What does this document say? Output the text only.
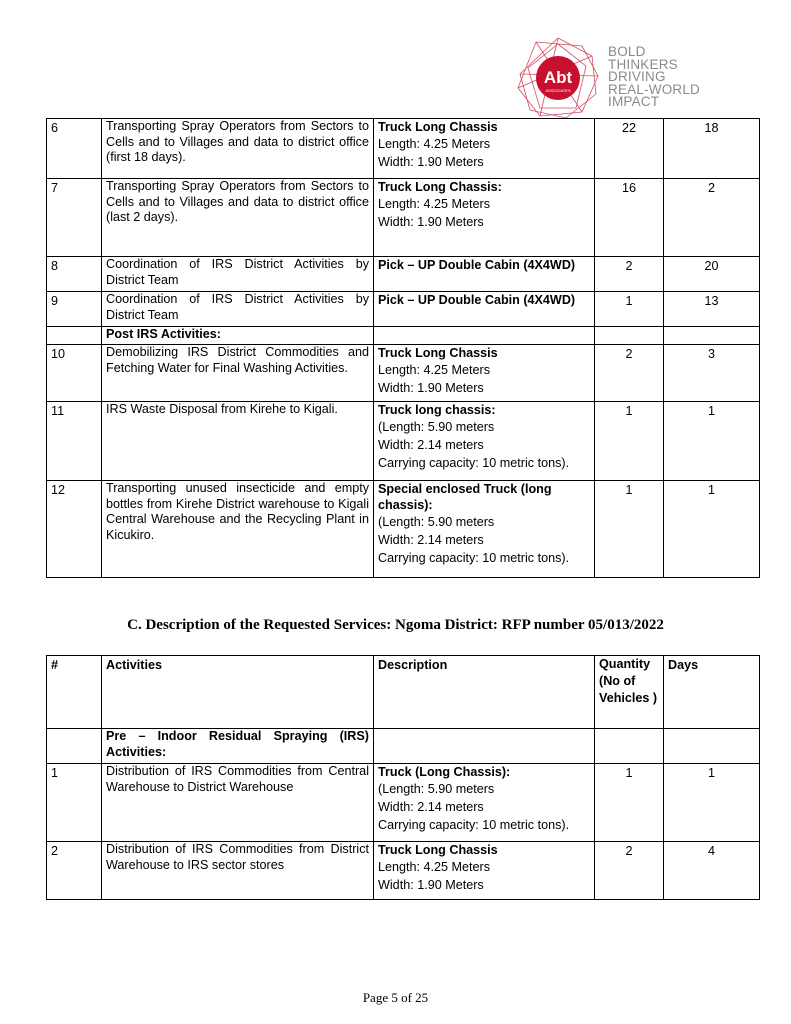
Abt
ASSOCIATES
BOLD
THINKERS
DRIVING
REAL-WORLD
IMPACT
6	Transporting Spray Operators from Sectors to Cells and to Villages and data to district office (first 18 days).	Truck Long Chassis
Length: 4.25 Meters
Width: 1.90 Meters	22	18
7	Transporting Spray Operators from Sectors to Cells and to Villages and data to district office (last 2 days).	Truck Long Chassis:
Length: 4.25 Meters
Width: 1.90 Meters	16	2
8	Coordination of IRS District Activities by District Team	Pick – UP Double Cabin (4X4WD)	2	20
9	Coordination of IRS District Activities by District Team	Pick – UP Double Cabin (4X4WD)	1	13
	Post IRS Activities:			
10	Demobilizing IRS District Commodities and Fetching Water for Final Washing Activities.	Truck Long Chassis
Length: 4.25 Meters
Width: 1.90 Meters	2	3
11	IRS Waste Disposal from Kirehe to Kigali.	Truck long chassis:
(Length: 5.90 meters
Width: 2.14 meters
Carrying capacity: 10 metric tons).	1	1
12	Transporting unused insecticide and empty bottles from Kirehe District warehouse to Kigali Central Warehouse and the Recycling Plant in Kicukiro.	Special enclosed Truck (long chassis):
(Length: 5.90 meters
Width: 2.14 meters
Carrying capacity: 10 metric tons).	1	1
C. Description of the Requested Services: Ngoma District: RFP number 05/013/2022
#	Activities	Description	Quantity (No of Vehicles )	Days
	Pre – Indoor Residual Spraying (IRS) Activities:			
1	Distribution of IRS Commodities from Central Warehouse to District Warehouse	Truck (Long Chassis):
(Length: 5.90 meters
Width: 2.14 meters
Carrying capacity: 10 metric tons).	1	1
2	Distribution of IRS Commodities from District Warehouse to IRS sector stores	Truck Long Chassis
Length: 4.25 Meters
Width: 1.90 Meters	2	4
Page 5 of 25
